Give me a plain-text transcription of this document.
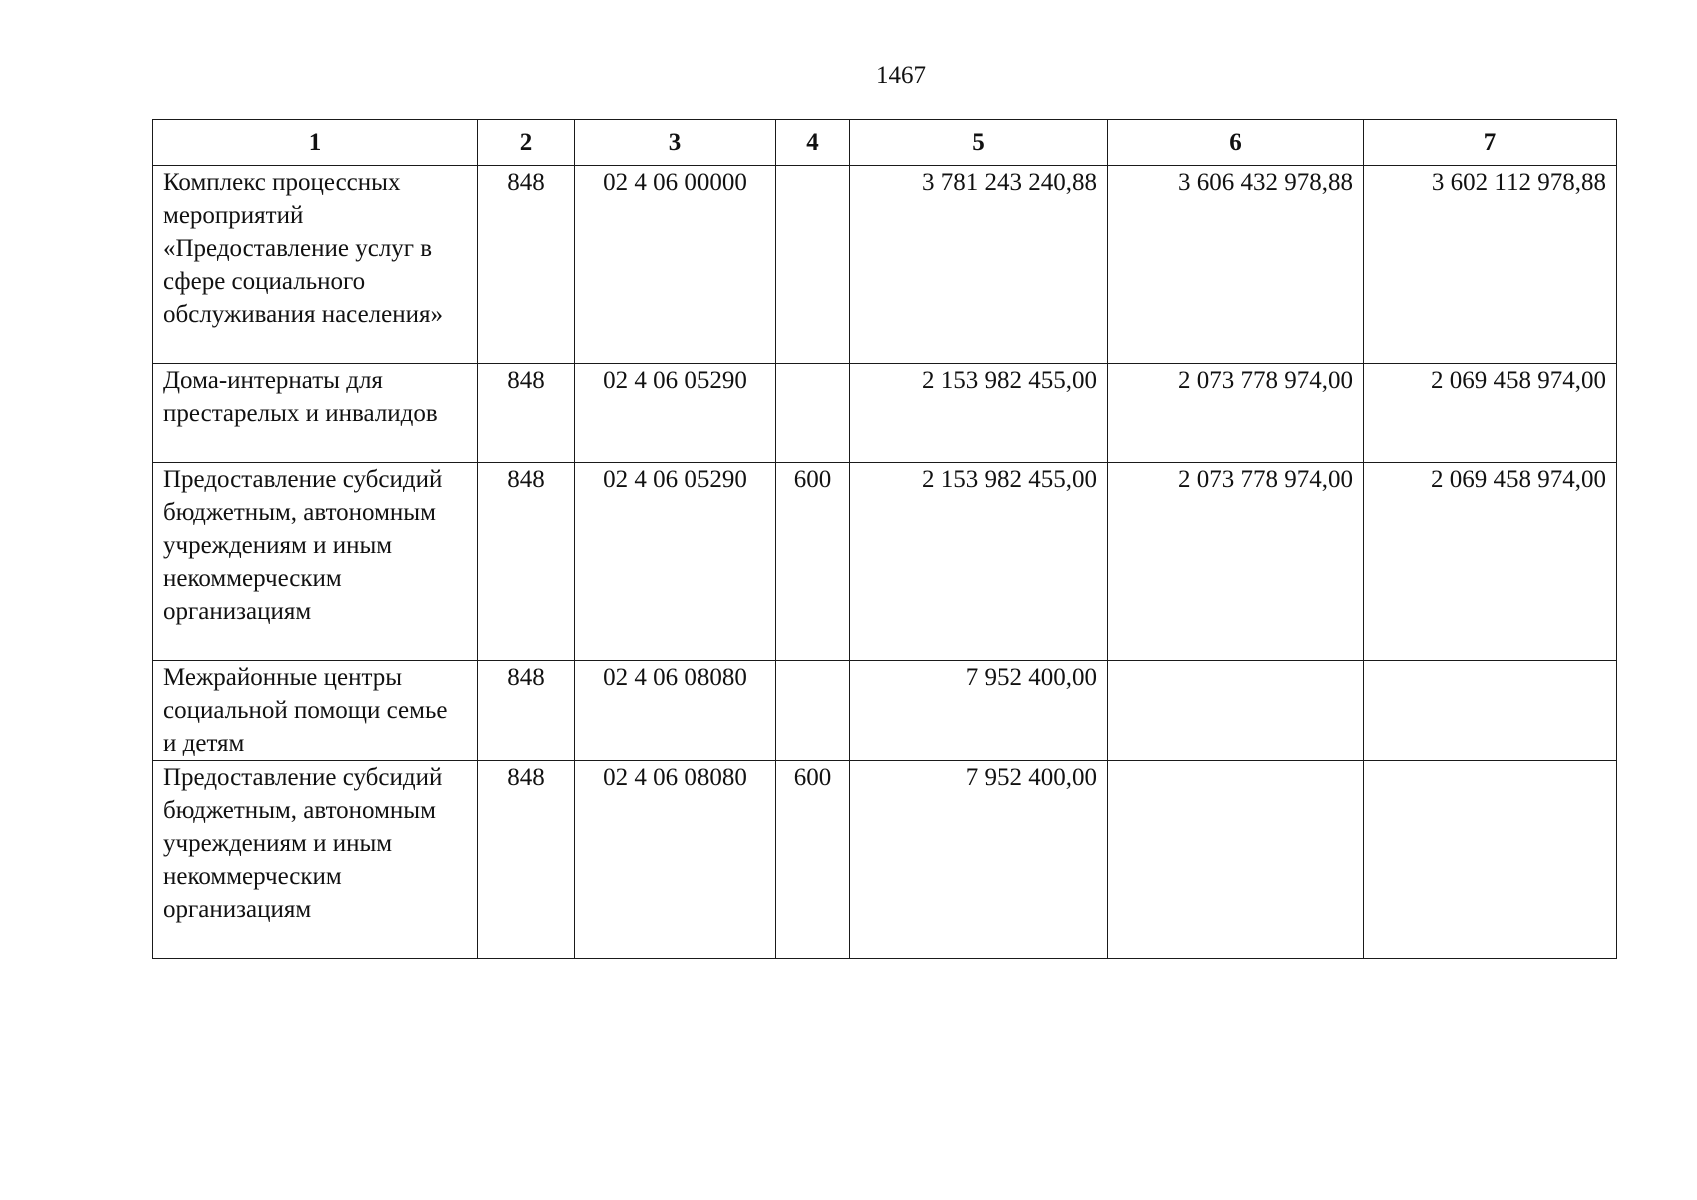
1467
1	2	3	4	5	6	7
Комплекс процессных мероприятий «Предоставление услуг в сфере социального обслуживания населения»	848	02 4 06 00000		3 781 243 240,88	3 606 432 978,88	3 602 112 978,88
Дома-интернаты для престарелых и инвалидов	848	02 4 06 05290		2 153 982 455,00	2 073 778 974,00	2 069 458 974,00
Предоставление субсидий бюджетным, автономным учреждениям и иным некоммерческим организациям	848	02 4 06 05290	600	2 153 982 455,00	2 073 778 974,00	2 069 458 974,00
Межрайонные центры социальной помощи семье и детям	848	02 4 06 08080		7 952 400,00		
Предоставление субсидий бюджетным, автономным учреждениям и иным некоммерческим организациям	848	02 4 06 08080	600	7 952 400,00		
